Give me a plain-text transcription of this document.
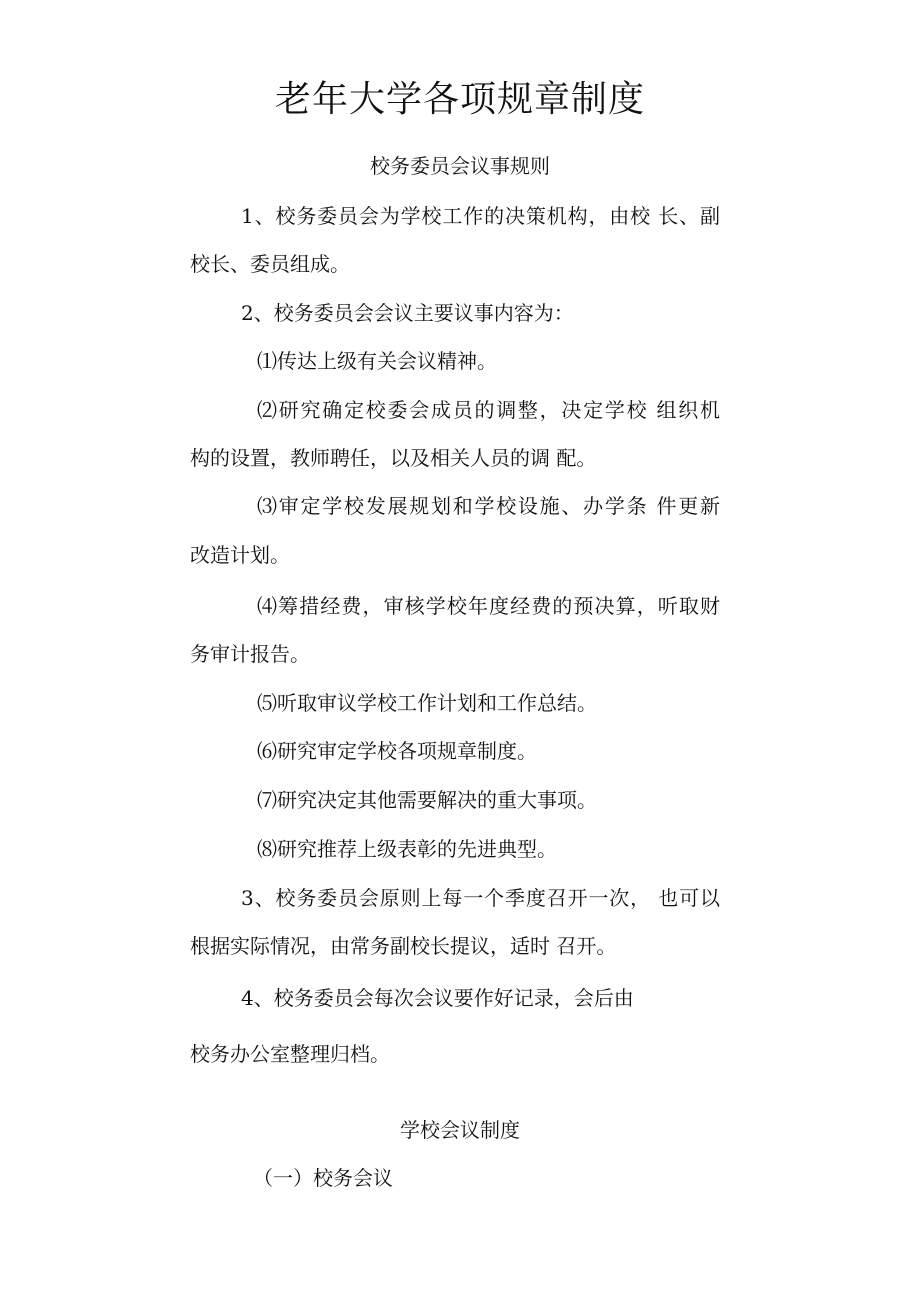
老年大学各项规章制度
校务委员会议事规则

1、校务委员会为学校工作的决策机构，由校 长、副

校长、委员组成。

2、校务委员会会议主要议事内容为：

⑴传达上级有关会议精神。

⑵研究确定校委会成员的调整，决定学校 组织机

构的设置，教师聘任，以及相关人员的调 配。

⑶审定学校发展规划和学校设施、办学条 件更新

改造计划。

⑷筹措经费，审核学校年度经费的预决算，听取财

务审计报告。

⑸听取审议学校工作计划和工作总结。

⑹研究审定学校各项规章制度。

⑺研究决定其他需要解决的重大事项。

⑻研究推荐上级表彰的先进典型。

3、校务委员会原则上每一个季度召开一次， 也可以

根据实际情况，由常务副校长提议，适时 召开。

4、校务委员会每次会议要作好记录，会后由

校务办公室整理归档。

学校会议制度

（一）校务会议
